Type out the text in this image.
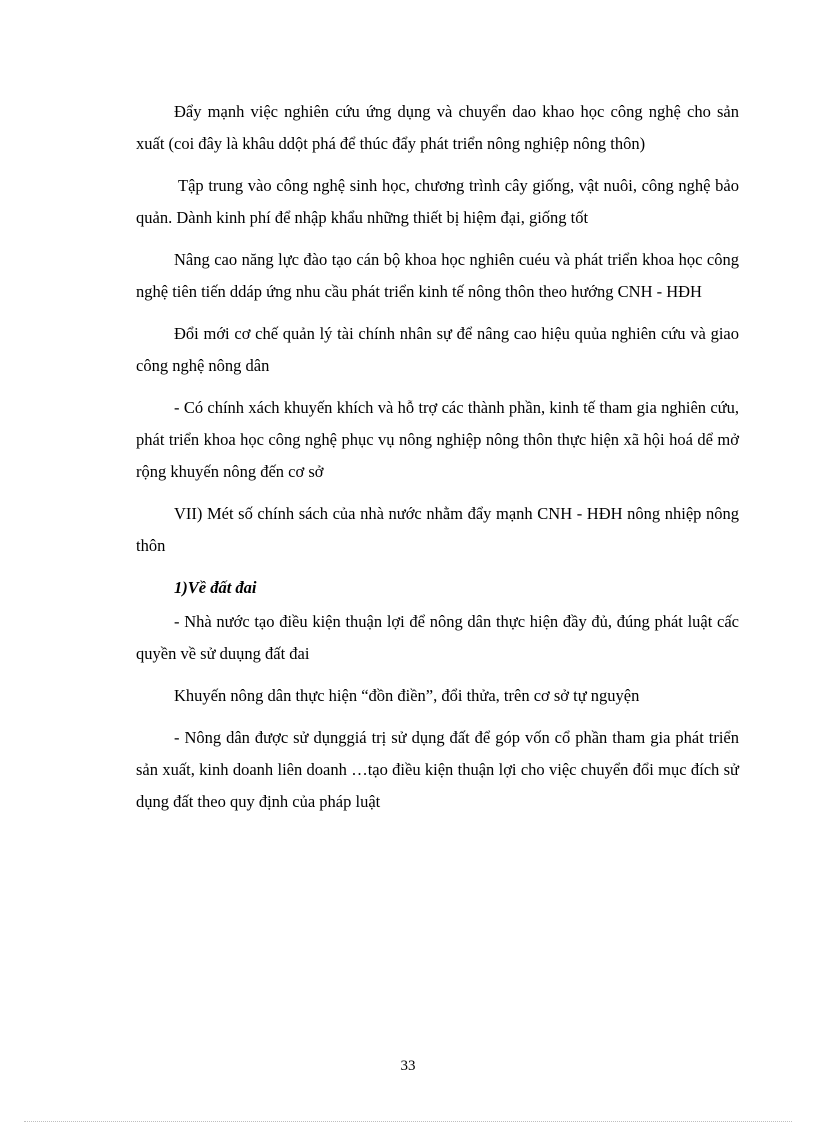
Đẩy mạnh việc nghiên cứu ứng dụng và chuyển dao khao học công nghệ cho sản xuất (coi đây là khâu ddột phá để thúc đẩy phát triển nông nghiệp nông thôn)

Tập trung vào công nghệ sinh học, chương trình cây giống, vật nuôi, công nghệ bảo quản. Dành kinh phí để nhập khẩu những thiết bị hiệm đại, giống tốt

Nâng cao năng lực đào tạo cán bộ khoa học nghiên cuéu và phát triển khoa học công nghệ tiên tiến ddáp ứng nhu cầu phát triển kinh tế nông thôn theo hướng CNH - HĐH

Đổi mới cơ chế quản lý tài chính nhân sự để nâng cao hiệu quủa nghiên cứu và giao công nghệ nông dân

- Có chính xách khuyến khích và hỗ trợ các thành phần, kinh tế tham gia nghiên cứu, phát triển khoa học công nghệ phục vụ nông nghiệp nông thôn thực hiện xã hội hoá dể mở rộng khuyến nông đến cơ sở

VII) Mét số chính sách của nhà nước nhằm đẩy mạnh CNH - HĐH nông nhiệp nông thôn

1)Về đất đai

- Nhà nước tạo điều kiện thuận lợi để nông dân thực hiện đầy đủ, đúng phát luật cấc quyền về sử duụng đất đai

Khuyến nông dân thực hiện “đồn điền”, đổi thửa, trên cơ sở tự nguyện

- Nông dân được sử dụnggiá trị sử dụng đất để góp vốn cổ phần tham gia phát triển sản xuất, kinh doanh liên doanh …tạo điều kiện thuận lợi cho việc chuyển đổi mục đích sử dụng đất theo quy định của pháp luật

33
